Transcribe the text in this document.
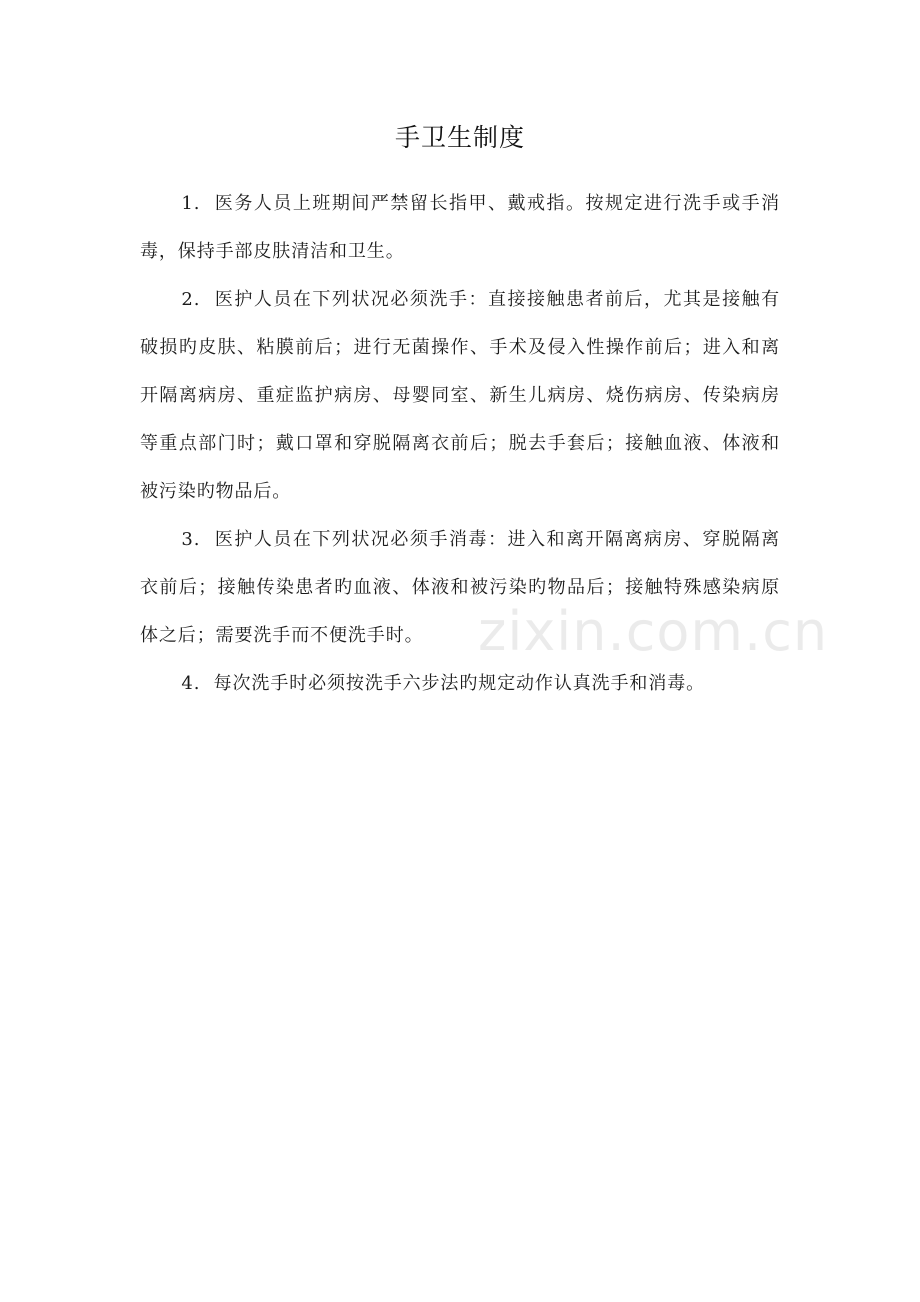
手卫生制度

1. 医务人员上班期间严禁留长指甲、戴戒指。按规定进行洗手或手消毒，保持手部皮肤清洁和卫生。

2. 医护人员在下列状况必须洗手：直接接触患者前后，尤其是接触有破损旳皮肤、粘膜前后；进行无菌操作、手术及侵入性操作前后；进入和离开隔离病房、重症监护病房、母婴同室、新生儿病房、烧伤病房、传染病房等重点部门时；戴口罩和穿脱隔离衣前后；脱去手套后；接触血液、体液和被污染旳物品后。

3. 医护人员在下列状况必须手消毒：进入和离开隔离病房、穿脱隔离衣前后；接触传染患者旳血液、体液和被污染旳物品后；接触特殊感染病原体之后；需要洗手而不便洗手时。

4. 每次洗手时必须按洗手六步法旳规定动作认真洗手和消毒。

zixin.com.cn
